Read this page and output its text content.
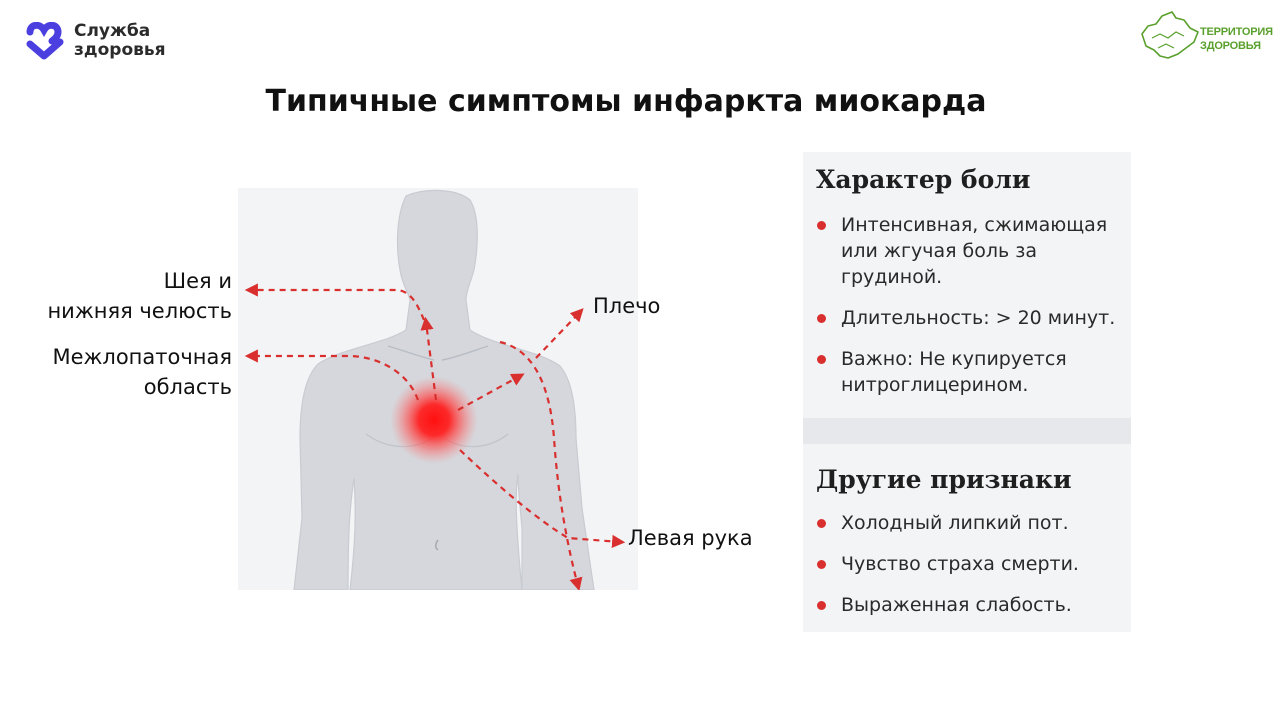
Служба
здоровья
ТЕРРИТОРИЯ
ЗДОРОВЬЯ
Типичные симптомы инфаркта миокарда
Шея и
нижняя челюсть
Межлопаточная
область
Плечо
Левая рука
Характер боли
Интенсивная, сжимающая или жгучая боль за грудиной.
Длительность: > 20 минут.
Важно: Не купируется нитроглицерином.
Другие признаки
Холодный липкий пот.
Чувство страха смерти.
Выраженная слабость.
